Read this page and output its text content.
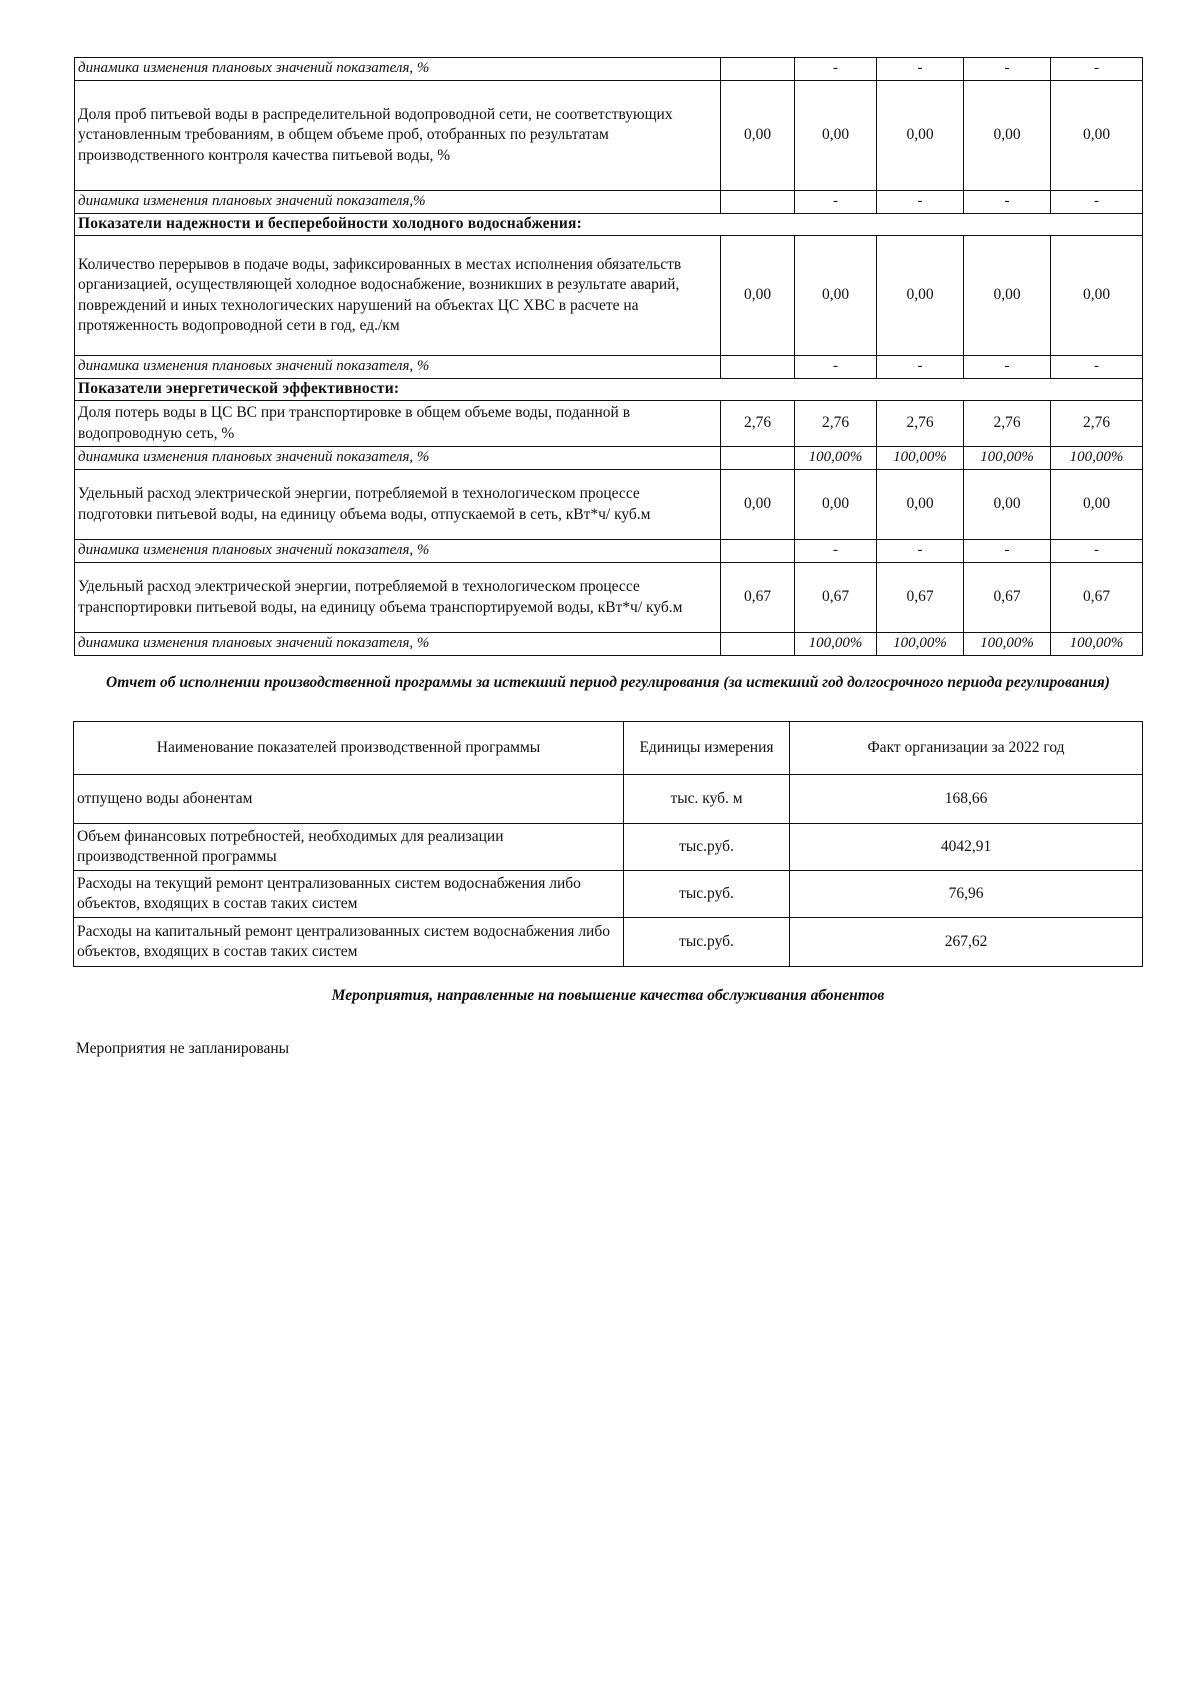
динамика изменения плановых значений показателя, %		-	-	-	-
Доля проб питьевой воды в распределительной водопроводной сети, не соответствующих установленным требованиям, в общем объеме проб, отобранных по результатам производственного контроля качества питьевой воды, %	0,00	0,00	0,00	0,00	0,00
динамика изменения плановых значений показателя,%		-	-	-	-
Показатели надежности и бесперебойности холодного водоснабжения:					
Количество перерывов в подаче воды, зафиксированных в местах исполнения обязательств организацией, осуществляющей холодное водоснабжение, возникших в результате аварий, повреждений и иных технологических нарушений на объектах ЦС ХВС в расчете на протяженность водопроводной сети в год, ед./км	0,00	0,00	0,00	0,00	0,00
динамика изменения плановых значений показателя, %		-	-	-	-
Показатели энергетической эффективности:					
Доля потерь воды в ЦС ВС при транспортировке в общем объеме воды, поданной в водопроводную сеть, %	2,76	2,76	2,76	2,76	2,76
динамика изменения плановых значений показателя, %		100,00%	100,00%	100,00%	100,00%
Удельный расход электрической энергии, потребляемой в технологическом процессе подготовки питьевой воды, на единицу объема воды, отпускаемой в сеть, кВт*ч/ куб.м	0,00	0,00	0,00	0,00	0,00
динамика изменения плановых значений показателя, %		-	-	-	-
Удельный расход электрической энергии, потребляемой в технологическом процессе транспортировки питьевой воды, на единицу объема транспортируемой воды, кВт*ч/ куб.м	0,67	0,67	0,67	0,67	0,67
динамика изменения плановых значений показателя, %		100,00%	100,00%	100,00%	100,00%
Отчет об исполнении производственной программы за истекший период регулирования (за истекший год долгосрочного периода регулирования)
Наименование показателей производственной программы	Единицы измерения	Факт организации за 2022 год
отпущено воды абонентам	тыс. куб. м	168,66
Объем финансовых потребностей, необходимых для реализации производственной программы	тыс.руб.	4042,91
Расходы на текущий ремонт централизованных систем водоснабжения либо объектов, входящих в состав таких систем	тыс.руб.	76,96
Расходы на капитальный ремонт централизованных систем водоснабжения либо объектов, входящих в состав таких систем	тыс.руб.	267,62
Мероприятия, направленные на повышение качества обслуживания абонентов
Мероприятия не запланированы
